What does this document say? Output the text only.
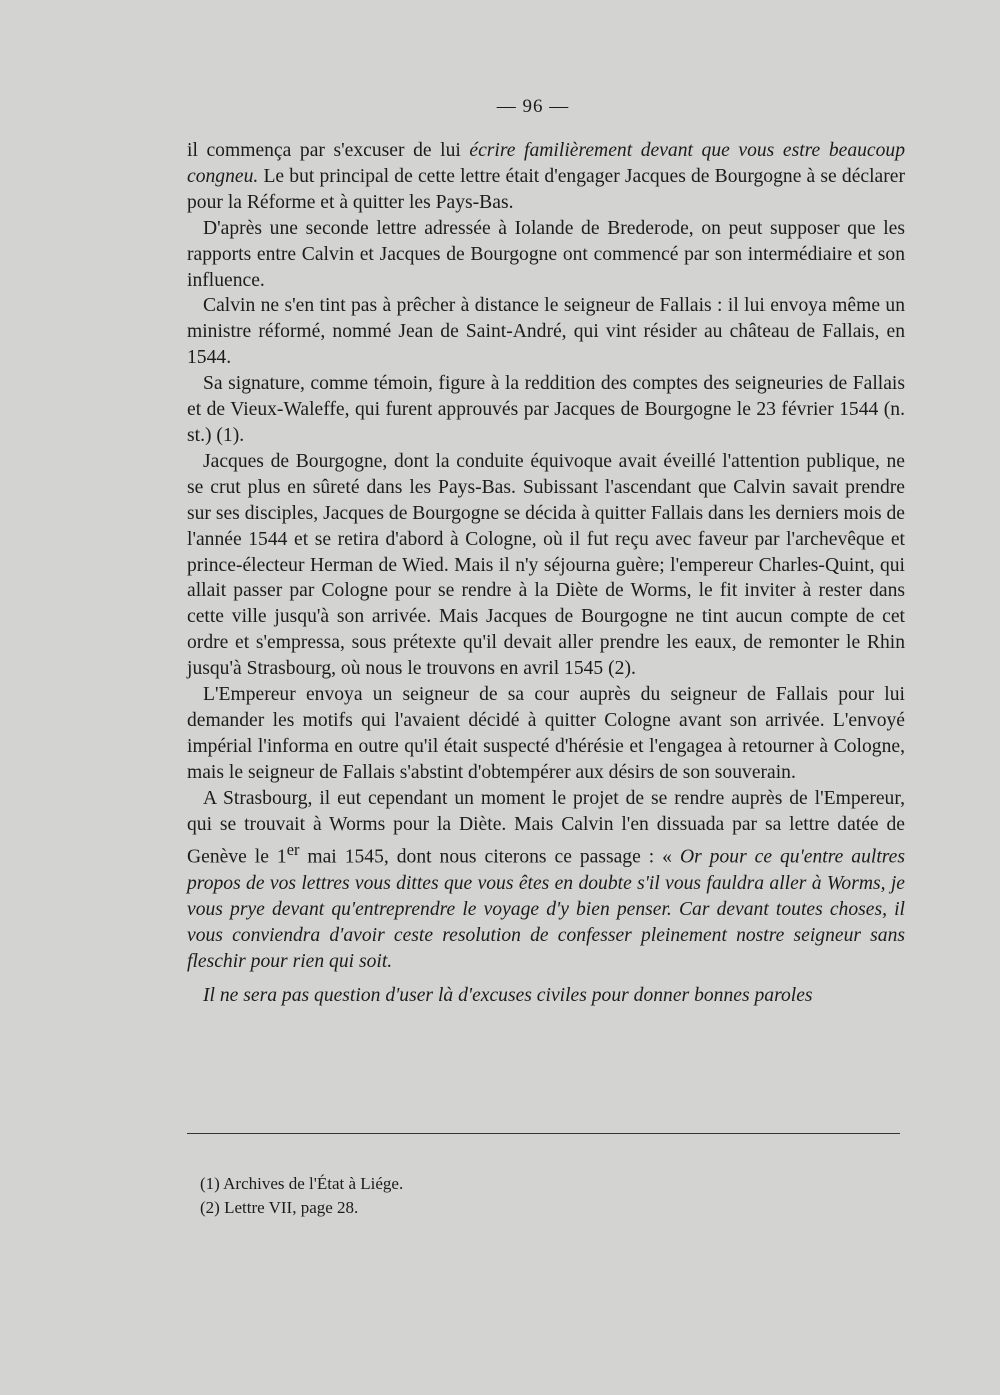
— 96 —

il commença par s'excuser de lui écrire familièrement devant que vous estre beaucoup congneu. Le but principal de cette lettre était d'engager Jacques de Bourgogne à se déclarer pour la Réforme et à quitter les Pays-Bas.

D'après une seconde lettre adressée à Iolande de Brederode, on peut supposer que les rapports entre Calvin et Jacques de Bourgogne ont commencé par son intermédiaire et son influence.

Calvin ne s'en tint pas à prêcher à distance le seigneur de Fallais : il lui envoya même un ministre réformé, nommé Jean de Saint-André, qui vint résider au château de Fallais, en 1544.

Sa signature, comme témoin, figure à la reddition des comptes des seigneuries de Fallais et de Vieux-Waleffe, qui furent approuvés par Jacques de Bourgogne le 23 février 1544 (n. st.) (1).

Jacques de Bourgogne, dont la conduite équivoque avait éveillé l'attention publique, ne se crut plus en sûreté dans les Pays-Bas. Subissant l'ascendant que Calvin savait prendre sur ses disciples, Jacques de Bourgogne se décida à quitter Fallais dans les derniers mois de l'année 1544 et se retira d'abord à Cologne, où il fut reçu avec faveur par l'archevêque et prince-électeur Herman de Wied. Mais il n'y séjourna guère; l'empereur Charles-Quint, qui allait passer par Cologne pour se rendre à la Diète de Worms, le fit inviter à rester dans cette ville jusqu'à son arrivée. Mais Jacques de Bourgogne ne tint aucun compte de cet ordre et s'empressa, sous prétexte qu'il devait aller prendre les eaux, de remonter le Rhin jusqu'à Strasbourg, où nous le trouvons en avril 1545 (2).

L'Empereur envoya un seigneur de sa cour auprès du seigneur de Fallais pour lui demander les motifs qui l'avaient décidé à quitter Cologne avant son arrivée. L'envoyé impérial l'informa en outre qu'il était suspecté d'hérésie et l'engagea à retourner à Cologne, mais le seigneur de Fallais s'abstint d'obtempérer aux désirs de son souverain.

A Strasbourg, il eut cependant un moment le projet de se rendre auprès de l'Empereur, qui se trouvait à Worms pour la Diète. Mais Calvin l'en dissuada par sa lettre datée de Genève le 1er mai 1545, dont nous citerons ce passage : « Or pour ce qu'entre aultres propos de vos lettres vous dittes que vous êtes en doubte s'il vous fauldra aller à Worms, je vous prye devant qu'entreprendre le voyage d'y bien penser. Car devant toutes choses, il vous conviendra d'avoir ceste resolution de confesser pleinement nostre seigneur sans fleschir pour rien qui soit.

Il ne sera pas question d'user là d'excuses civiles pour donner bonnes paroles

(1) Archives de l'État à Liége.
(2) Lettre VII, page 28.
